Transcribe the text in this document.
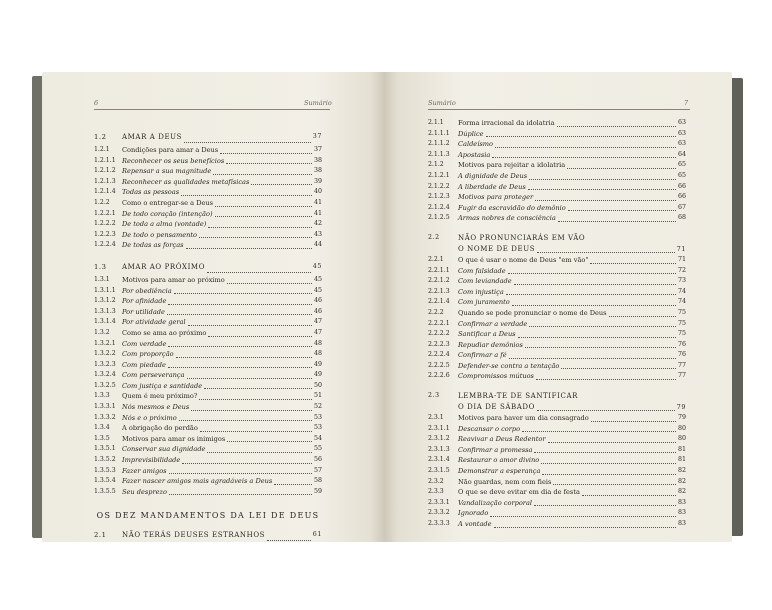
6	Sumário
1.2 AMAR A DEUS	37
1.2.1 Condições para amar a Deus	37
1.2.1.1 Reconhecer os seus benefícios	38
1.2.1.2 Repensar a sua magnitude	38
1.2.1.3 Reconhecer as qualidades metafísicas	39
1.2.1.4 Todas as pessoas	40
1.2.2 Como o entregar-se a Deus	41
1.2.2.1 De todo coração (intenção)	41
1.2.2.2 De toda a alma (vontade)	42
1.2.2.3 De todo o pensamento	43
1.2.2.4 De todas as forças	44
1.3 AMAR AO PRÓXIMO	45
1.3.1 Motivos para amar ao próximo	45
1.3.1.1 Por obediência	45
1.3.1.2 Por afinidade	46
1.3.1.3 Por utilidade	46
1.3.1.4 Por atividade geral	47
1.3.2 Como se ama ao próximo	47
1.3.2.1 Com verdade	48
1.3.2.2 Com proporção	48
1.3.2.3 Com piedade	49
1.3.2.4 Com perseverança	49
1.3.2.5 Com justiça e santidade	50
1.3.3 Quem é meu próximo?	51
1.3.3.1 Nós mesmos e Deus	52
1.3.3.2 Nós e o próximo	53
1.3.4 A obrigação do perdão	53
1.3.5 Motivos para amar os inimigos	54
1.3.5.1 Conservar sua dignidade	55
1.3.5.2 Imprevisibilidade	56
1.3.5.3 Fazer amigos	57
1.3.5.4 Fazer nascer amigos mais agradáveis a Deus	58
1.3.5.5 Seu desprezo	59
OS DEZ MANDAMENTOS DA LEI DE DEUS
2.1 NÃO TERÁS DEUSES ESTRANHOS	61
Sumário	7
2.1.1 Forma irracional da idolatria	63
2.1.1.1 Dúplice	63
2.1.1.2 Caldeísmo	63
2.1.1.3 Apostasia	64
2.1.2 Motivos para rejeitar a idolatria	65
2.1.2.1 A dignidade de Deus	65
2.1.2.2 A liberdade de Deus	66
2.1.2.3 Motivos para proteger	66
2.1.2.4 Fugir da escravidão do demônio	67
2.1.2.5 Armas nobres de consciência	68
2.2	NÃO PRONUNCIARÁS EM VÃO
O NOME DE DEUS	71
2.2.1 O que é usar o nome de Deus "em vão"	71
2.2.1.1 Com falsidade	72
2.2.1.2 Com leviandade	73
2.2.1.3 Com injustiça	74
2.2.1.4 Com juramento	74
2.2.2 Quando se pode pronunciar o nome de Deus	75
2.2.2.1 Confirmar a verdade	75
2.2.2.2 Santificar a Deus	75
2.2.2.3 Repudiar demônios	76
2.2.2.4 Confirmar a fé	76
2.2.2.5 Defender-se contra a tentação	77
2.2.2.6 Compromissos mútuos	77
2.3	LEMBRA-TE DE SANTIFICAR
O DIA DE SÁBADO	79
2.3.1 Motivos para haver um dia consagrado	79
2.3.1.1 Descansar o corpo	80
2.3.1.2 Reavivar a Deus Redentor	80
2.3.1.3 Confirmar a promessa	81
2.3.1.4 Restaurar o amor divino	81
2.3.1.5 Demonstrar a esperança	82
2.3.2 Não guardas, nem com fieis	82
2.3.3 O que se deve evitar em dia de festa	82
2.3.3.1 Vandalização corporal	83
2.3.3.2 Ignorado	83
2.3.3.3 A vontade	83
